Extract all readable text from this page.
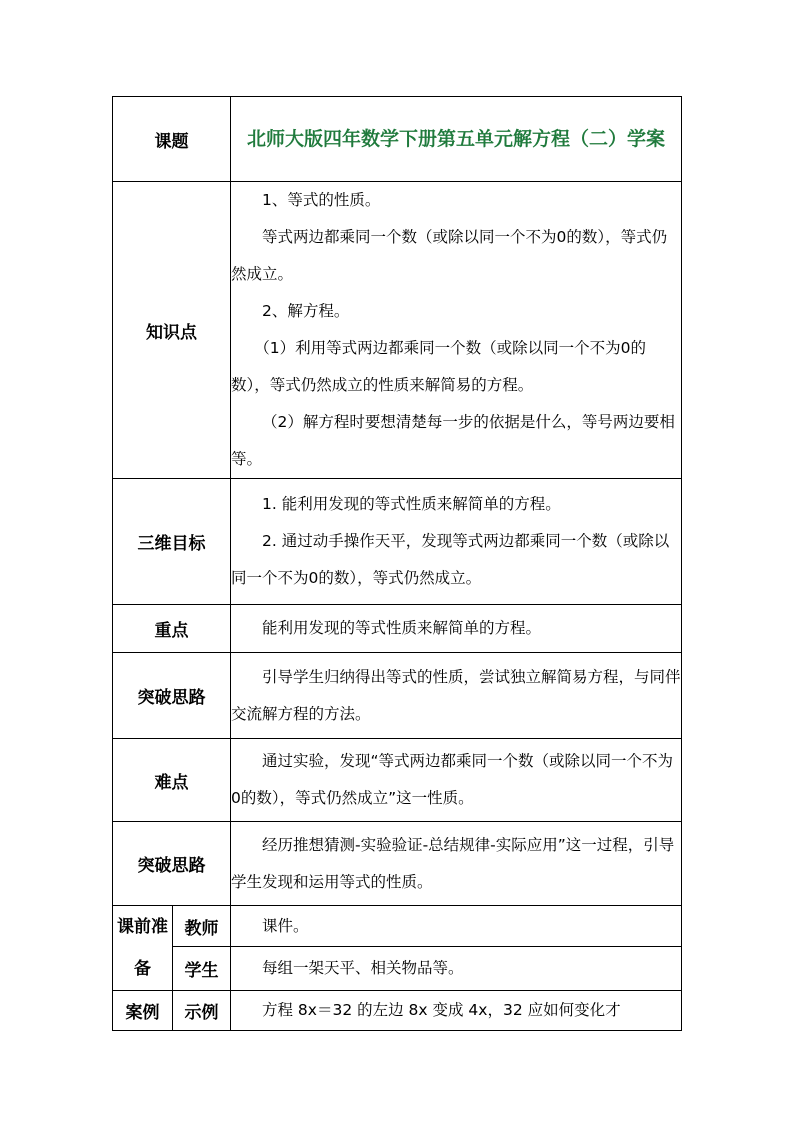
课题		北师大版四年数学下册第五单元解方程（二）学案
知识点		1、等式的性质。

等式两边都乘同一个数（或除以同一个不为0的数），等式仍然成立。

2、解方程。

（1）利用等式两边都乘同一个数（或除以同一个不为0的数），等式仍然成立的性质来解简易的方程。

（2）解方程时要想清楚每一步的依据是什么，等号两边要相等。

三维目标		1. 能利用发现的等式性质来解简单的方程。

2. 通过动手操作天平，发现等式两边都乘同一个数（或除以同一个不为0的数），等式仍然成立。

重点		能利用发现的等式性质来解简单的方程。

突破思路		引导学生归纳得出等式的性质，尝试独立解简易方程，与同伴交流解方程的方法。

难点		通过实验，发现“等式两边都乘同一个数（或除以同一个不为0的数），等式仍然成立”这一性质。

突破思路		经历推想猜测-实验验证-总结规律-实际应用”这一过程，引导学生发现和运用等式的性质。

课前准备	教师	课件。

	学生	每组一架天平、相关物品等。

案例	示例	方程 8x＝32 的左边 8x 变成 4x，32 应如何变化才
